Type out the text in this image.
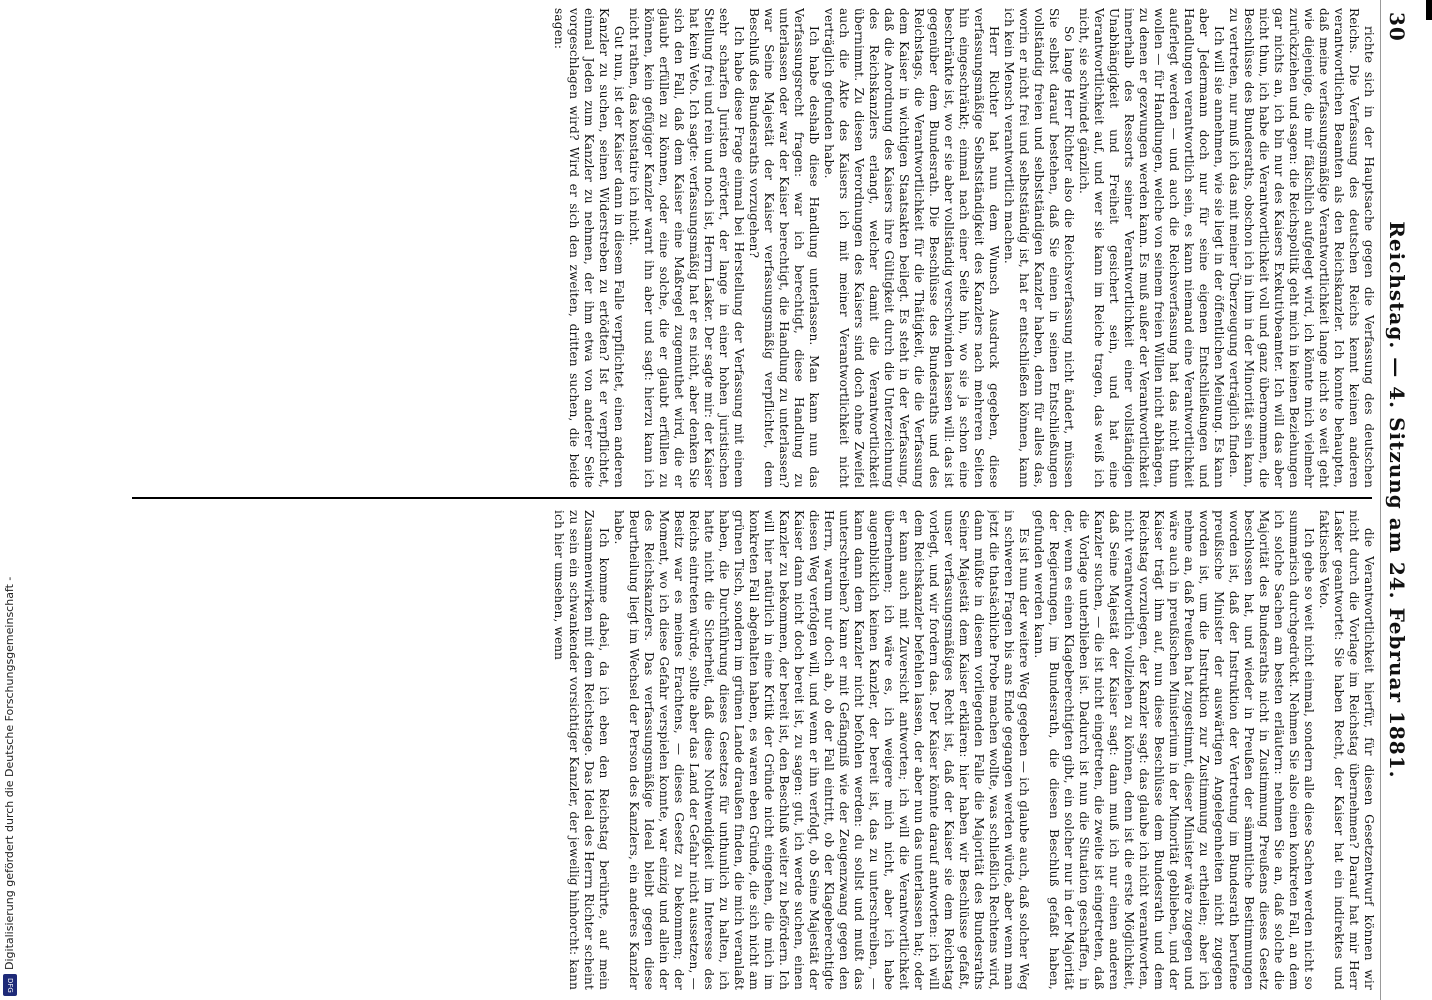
Digitalisierung gefördert durch die Deutsche Forschungsgemeinschaft -
DFG
30
Reichstag. — 4. Sitzung am 24. Februar 1881.

richte sich in der Hauptsache gegen die Verfassung des deutschen Reichs. Die Verfassung des deutschen Reichs kennt keinen anderen verantwortlichen Beamten als den Reichskanzler. Ich konnte behaupten, daß meine verfassungsmäßige Verantwortlichkeit lange nicht so weit geht wie diejenige, die mir fälschlich aufgelegt wird, ich könnte mich vielmehr zurückziehen und sagen: die Reichspolitik geht mich in keinen Beziehungen gar nichts an, ich bin nur des Kaisers Exekutivbeamter. Ich will das aber nicht thun, ich habe die Verantwortlichkeit voll und ganz übernommen, die Beschlüsse des Bundesraths, obschon ich in ihm in der Minorität sein kann, zu vertreten, nur muß ich das mit meiner Überzeugung verträglich finden.

Ich will sie annehmen, wie sie liegt in der öffentlichen Meinung. Es kann aber Jedermann doch nur für seine eigenen Entschließungen und Handlungen verantwortlich sein, es kann niemand eine Verantwortlichkeit auferlegt werden — und auch die Reichsverfassung hat das nicht thun wollen — für Handlungen, welche von seinem freien Willen nicht abhängen, zu denen er gezwungen werden kann. Es muß außer der Verantwortlichkeit innerhalb des Ressorts seiner Verantwortlichkeit einer vollständigen Unabhängigkeit und Freiheit gesichert sein, und hat eine Verantwortlichkeit auf, und wer sie kann im Reiche tragen, das weiß ich nicht, sie schwindet gänzlich.

So lange Herr Richter also die Reichsverfassung nicht ändert, müssen Sie selbst darauf bestehen, daß Sie einen in seinen Entschließungen vollständig freien und selbstständigen Kanzler haben, denn für alles das, worin er nicht frei und selbstständig ist, hat er entschließen können, kann ich kein Mensch verantwortlich machen.

Herr Richter hat nun dem Wunsch Ausdruck gegeben, diese verfassungsmäßige Selbstständigkeit des Kanzlers nach mehreren Seiten hin eingeschränkt; einmal nach einer Seite hin, wo sie ja schon eine beschränkte ist, wo er sie aber vollständig verschwinden lassen will: das ist gegenüber dem Bundesrath. Die Beschlüsse des Bundesraths und des Reichstags, die Verantwortlichkeit für die Thätigkeit, die die Verfassung dem Kaiser in wichtigen Staatsakten beilegt. Es steht in der Verfassung, daß die Anordnung des Kaisers ihre Gültigkeit durch die Unterzeichnung des Reichskanzlers erlangt, welcher damit die Verantwortlichkeit übernimmt. Zu diesen Verordnungen des Kaisers sind doch ohne Zweifel auch die Akte des Kaisers ich mit meiner Verantwortlichkeit nicht verträglich gefunden habe.

Ich habe deshalb diese Handlung unterlassen. Man kann nun das Verfassungsrecht fragen: war ich berechtigt, diese Handlung zu unterlassen oder war der Kaiser berechtigt, die Handlung zu unterlassen? war Seine Majestät der Kaiser verfassungsmäßig verpflichtet, dem Beschluß des Bundesraths vorzugehen?

Ich habe diese Frage einmal bei Herstellung der Verfassung mit einem sehr scharfen Juristen erörtert, der lange in einer hohen juristischen Stellung frei und rein und noch ist, Herrn Lasker. Der sagte mir: der Kaiser hat kein Veto. Ich sagte: verfassungsmäßig hat er es nicht, aber denken Sie sich den Fall, daß dem Kaiser eine Maßregel zugemuthet wird, die er glaubt erfüllen zu können, oder eine solche, die er glaubt erfüllen zu können, kein gefügiger Kanzler warnt ihn aber und sagt: hierzu kann ich nicht rathen, das konstatire ich nicht.

Gut nun, ist der Kaiser dann in diesem Falle verpflichtet, einen anderen Kanzler zu suchen, seinen Widerstreben zu ertödten? Ist er verpflichtet, einmal Jeden zum Kanzler zu nehmen, der ihm etwa von anderer Seite vorgeschlagen wird? Wird er sich den zweiten, dritten suchen, die beide sagen:

die Verantwortlichkeit hierfür, für diesen Gesetzentwurf können wir nicht durch die Vorlage im Reichstag übernehmen? Darauf hat mir Herr Lasker geantwortet: Sie haben Recht, der Kaiser hat ein indirektes und faktisches Veto.

Ich gehe so weit nicht einmal, sondern alle diese Sachen werden nicht so summarisch durchgedrückt. Nehmen Sie also einen konkreten Fall, an dem ich solche Sachen am besten erläutern: nehmen Sie an, daß solche die Majorität des Bundesraths nicht in Zustimmung Preußens dieses Gesetz beschlossen hat, und wieder in Preußen der sämmtliche Bestimmungen worden ist, daß der Instruktion der Vertretung im Bundesrath berufene preußische Minister der auswärtigen Angelegenheiten nicht zugegen worden ist, um die Instruktion zur Zustimmung zu ertheilen; aber ich nehme an, daß Preußen hat zugestimmt, dieser Minister wäre zugegen und wäre auch in preußischen Ministerium in der Minorität geblieben, und der Kaiser trägt ihm auf, nun diese Beschlüsse dem Bundesrath und dem Reichstag vorzulegen, der Kanzler sagt: das glaube ich nicht verantworten, nicht verantwortlich vollziehen zu können, denn ist die erste Möglichkeit, daß Seine Majestät der Kaiser sagt: dann muß ich nur einen anderen Kanzler suchen, — die ist nicht eingetreten, die zweite ist eingetreten, daß die Vorlage unterblieben ist. Dadurch ist nun die Situation geschaffen, in der, wenn es einen Klageberechtigten gibt, ein solcher nur in der Majorität der Regierungen, im Bundesrath, die diesen Beschluß gefaßt haben, gefunden werden kann.

Es ist nun der weitere Weg gegeben — ich glaube auch, daß solcher Weg in schweren Fragen bis ans Ende gegangen werden würde, aber wenn man jetzt die thatsächliche Probe machen wollte, was schließlich Rechtens wird, dann müßte in diesem vorliegenden Falle die Majorität des Bundesraths Seiner Majestät dem Kaiser erklären: hier haben wir Beschlüsse gefaßt, unser verfassungsmäßiges Recht ist, daß der Kaiser sie dem Reichstag vorlegt, und wir fordern das. Der Kaiser könnte darauf antworten: ich will dem Reichskanzler befehlen lassen, der aber nun das unterlassen hat; oder er kann auch mit Zuversicht antworten; ich will die Verantwortlichkeit übernehmen; ich wäre es, ich weigere mich nicht, aber ich habe augenblicklich keinen Kanzler, der bereit ist, das zu unterschreiben, — kann dann dem Kanzler nicht befohlen werden: du sollst und mußt das unterschreiben? kann er mit Gefängniß wie der Zeugenzwang gegen den Herrn, warum nur doch ab, ob der Fall eintritt, ob der Klageberechtigte diesen Weg verfolgen will, und wenn er ihn verfolgt, ob Seine Majestät der Kaiser dann nicht doch bereit ist, zu sagen: gut, ich werde suchen, einen Kanzler zu bekommen, der bereit ist, den Beschluß weiter zu befördern. Ich will hier natürlich in eine Kritik der Gründe nicht eingehen, die mich im konkreten Fall abgehalten haben, es waren eben Gründe, die sich nicht am grünen Tisch, sondern im grünen Lande draußen finden, die mich veranlaßt haben, die Durchführung dieses Gesetzes für unthunlich zu halten, ich hatte nicht die Sicherheit, daß diese Nothwendigkeit im Interesse des Reichs eintreten würde, sollte aber das Land der Gefahr nicht aussetzen, — Besitz war es meines Erachtens, — dieses Gesetz zu bekommen; der Moment, wo ich diese Gefahr verspielen konnte, war einzig und allein der des Reichskanzlers. Das verfassungsmäßige Ideal bleibt gegen diese Beurtheilung liegt im Wechsel der Person des Kanzlers, ein anderes Kanzler habe.

Ich komme dabei, da ich eben den Reichstag berührte, auf mein Zusammenwirken mit dem Reichstage. Das Ideal des Herrn Richter scheint zu sein ein schwankender vorsichtiger Kanzler, der jeweilig hinhorcht: kann ich hier umsehen, wenn
